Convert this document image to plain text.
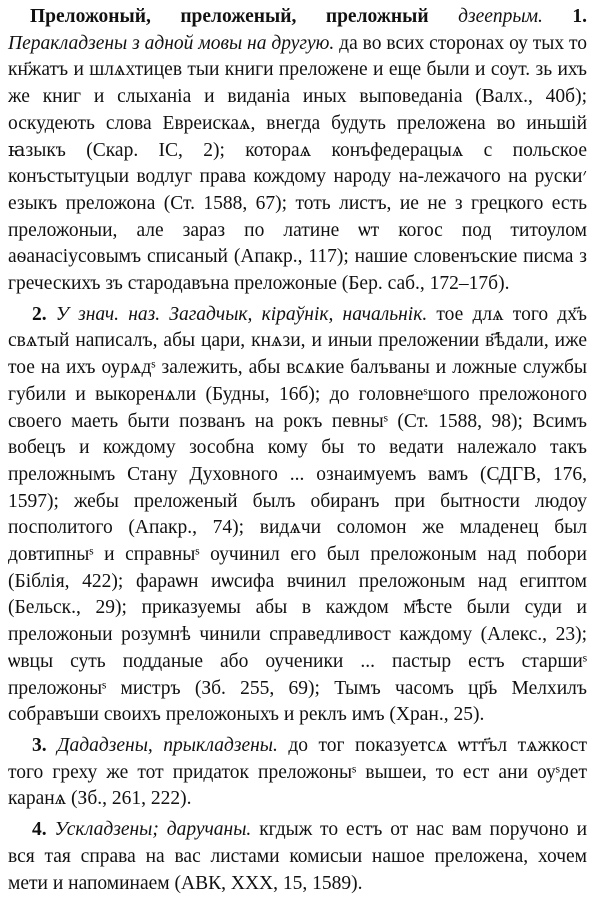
Преложоный, преложеный, преложный дзеепрым. 1. Перакладзены з адной мовы на другую. да во всих сторонах оу тых то кн҃жатъ и шлѧхтицев тыи книги преложене и еще были и соут. зь ихъ же книг и слыханіа и виданіа иных выповеданіа (Валх., 40б); оскудеють слова Евреискаѧ, внегда будуть преложена во иньшій ꙗзыкъ (Скар. ІС, 2); котораѧ конъфедерацыѧ с польское конъстытуцыи водлуг права кождому народу на-лежачого на руски׳ езыкъ преложона (Ст. 1588, 67); тоть листъ, ие не з грецкого есть преложоныи, але зараз по латине ѡт когос под титоулом аѳанасіусовымъ списаный (Апакр., 117); нашие словенъские писма з греческихъ зъ стародавъна преложоные (Бер. саб., 172–17б).

2. У знач. наз. Загадчык, кіраўнік, начальнік. тое длѧ того дх҃ъ свѧтый написалъ, абы цари, кнѧзи, и иныи преложении в҃ѣдали, иже тое на ихъ оурѧдˢ залежить, абы всѧкие балъваны и ложные службы губили и выкоренѧли (Будны, 16б); до головнеˢшого преложоного своего маеть быти позванъ на рокъ певныˢ (Ст. 1588, 98); Всимъ вобецъ и кождому зособна кому бы то ведати належало такъ преложнымъ Стану Духовного ... ознаимуемъ вамъ (СДГВ, 176, 1597); жебы преложеный былъ обиранъ при бытности людоу посполитого (Апакр., 74); видѧчи соломон же младенец был довтипныˢ и справныˢ оучинил его был преложоным над побори (Біблія, 422); фараѡн иѡсифа вчинил преложоным над египтом (Бельск., 29); приказуемы абы в каждом м҃ѣсте были суди и преложоныи розумнѣ чинили справедливост каждому (Алекс., 23); ѡвцы суть подданые або оученики ... пастыр естъ старшиˢ преложоныˢ мистръ (Зб. 255, 69); Тымъ часомъ цр҃ь Мелхилъ собравъши своихъ преложоныхъ и реклъ имъ (Хран., 25).

3. Дададзены, прыкладзены. до тог показуетсѧ ѡтт҃ъл тѧжкост того греху же тот придаток преложоныˢ вышеи, то ест ани оуˢдет каранѧ (Зб., 261, 222).

4. Ускладзены; даручаны. кгдыж то естъ от нас вам поручоно и вся тая справа на вас листами комисыи нашое преложена, хочем мети и напоминаем (АВК, XXX, 15, 1589).
